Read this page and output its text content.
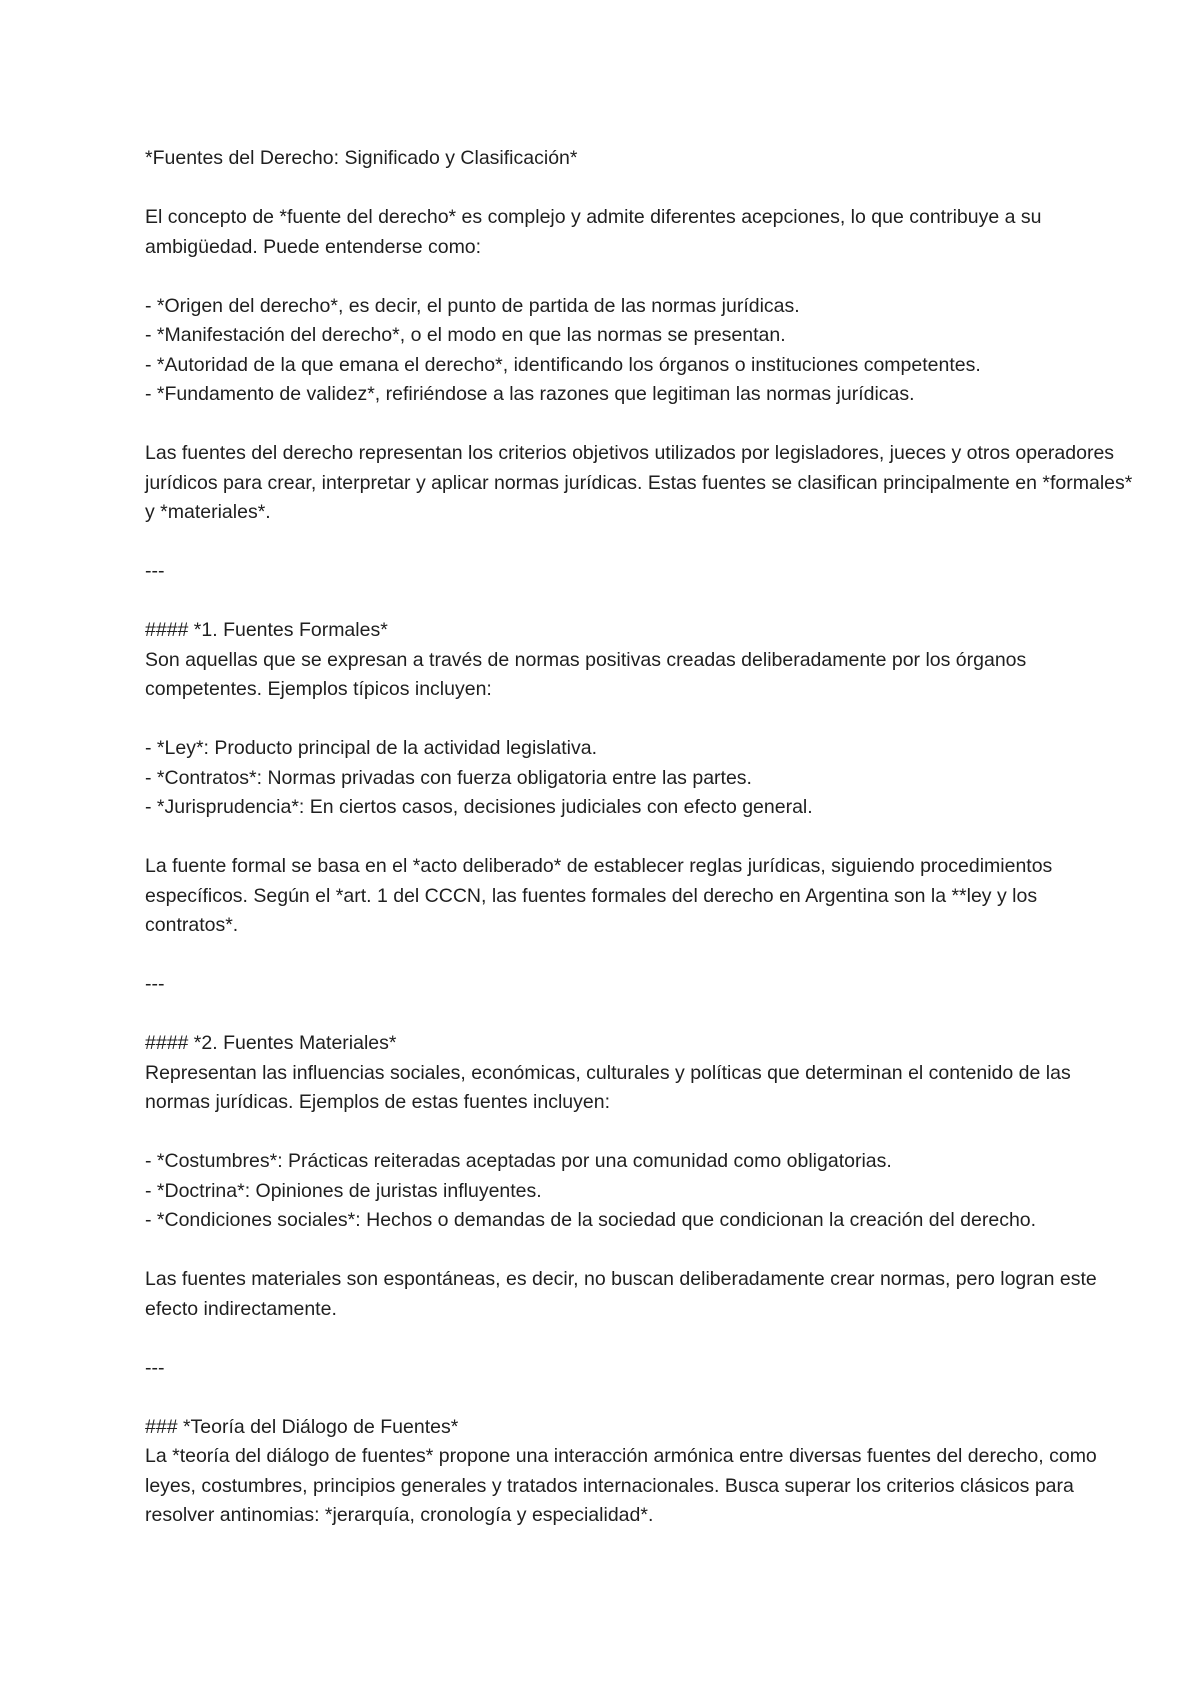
*Fuentes del Derecho: Significado y Clasificación*

El concepto de *fuente del derecho* es complejo y admite diferentes acepciones, lo que contribuye a su ambigüedad. Puede entenderse como:

- *Origen del derecho*, es decir, el punto de partida de las normas jurídicas.

- *Manifestación del derecho*, o el modo en que las normas se presentan.

- *Autoridad de la que emana el derecho*, identificando los órganos o instituciones competentes.

- *Fundamento de validez*, refiriéndose a las razones que legitiman las normas jurídicas.

Las fuentes del derecho representan los criterios objetivos utilizados por legisladores, jueces y otros operadores jurídicos para crear, interpretar y aplicar normas jurídicas. Estas fuentes se clasifican principalmente en *formales* y *materiales*.

---

#### *1. Fuentes Formales*

Son aquellas que se expresan a través de normas positivas creadas deliberadamente por los órganos competentes. Ejemplos típicos incluyen:

- *Ley*: Producto principal de la actividad legislativa.

- *Contratos*: Normas privadas con fuerza obligatoria entre las partes.

- *Jurisprudencia*: En ciertos casos, decisiones judiciales con efecto general.

La fuente formal se basa en el *acto deliberado* de establecer reglas jurídicas, siguiendo procedimientos específicos. Según el *art. 1 del CCCN, las fuentes formales del derecho en Argentina son la **ley y los contratos*.

---

#### *2. Fuentes Materiales*

Representan las influencias sociales, económicas, culturales y políticas que determinan el contenido de las normas jurídicas. Ejemplos de estas fuentes incluyen:

- *Costumbres*: Prácticas reiteradas aceptadas por una comunidad como obligatorias.

- *Doctrina*: Opiniones de juristas influyentes.

- *Condiciones sociales*: Hechos o demandas de la sociedad que condicionan la creación del derecho.

Las fuentes materiales son espontáneas, es decir, no buscan deliberadamente crear normas, pero logran este efecto indirectamente.

---

### *Teoría del Diálogo de Fuentes*

La *teoría del diálogo de fuentes* propone una interacción armónica entre diversas fuentes del derecho, como leyes, costumbres, principios generales y tratados internacionales. Busca superar los criterios clásicos para resolver antinomias: *jerarquía, cronología y especialidad*.
